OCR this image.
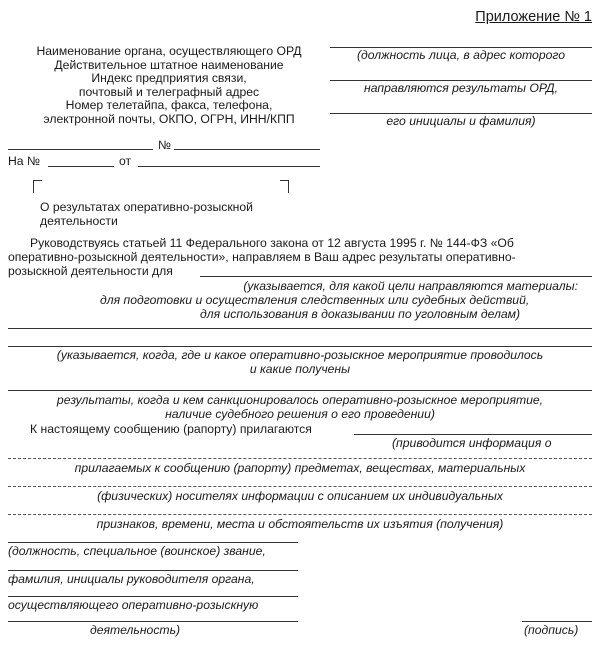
Приложение № 1
Наименование органа, осуществляющего ОРД
Действительное штатное наименование
Индекс предприятия связи,
почтовый и телеграфный адрес
Номер телетайпа, факса, телефона,
электронной почты, ОКПО, ОГРН, ИНН/КПП
№
На №	от
(должность лица, в адрес которого
направляются результаты ОРД,
его инициалы и фамилия)
О результатах оперативно-розыскной
деятельности
Руководствуясь статьей 11 Федерального закона от 12 августа 1995 г. № 144-ФЗ «Об
оперативно-розыскной деятельности», направляем в Ваш адрес результаты оперативно-
розыскной деятельности для
(указывается, для какой цели направляются материалы:
для подготовки и осуществления следственных или судебных действий,
для использования в доказывании по уголовным делам)
(указывается, когда, где и какое оперативно-розыскное мероприятие проводилось
и какие получены
результаты, когда и кем санкционировалось оперативно-розыскное мероприятие,
наличие судебного решения о его проведении)
К настоящему сообщению (рапорту) прилагаются
(приводится информация о
прилагаемых к сообщению (рапорту) предметах, веществах, материальных
(физических) носителях информации с описанием их индивидуальных
признаков, времени, места и обстоятельств их изъятия (получения)
(должность, специальное (воинское) звание,
фамилия, инициалы руководителя органа,
осуществляющего оперативно-розыскную
деятельность)	(подпись)
